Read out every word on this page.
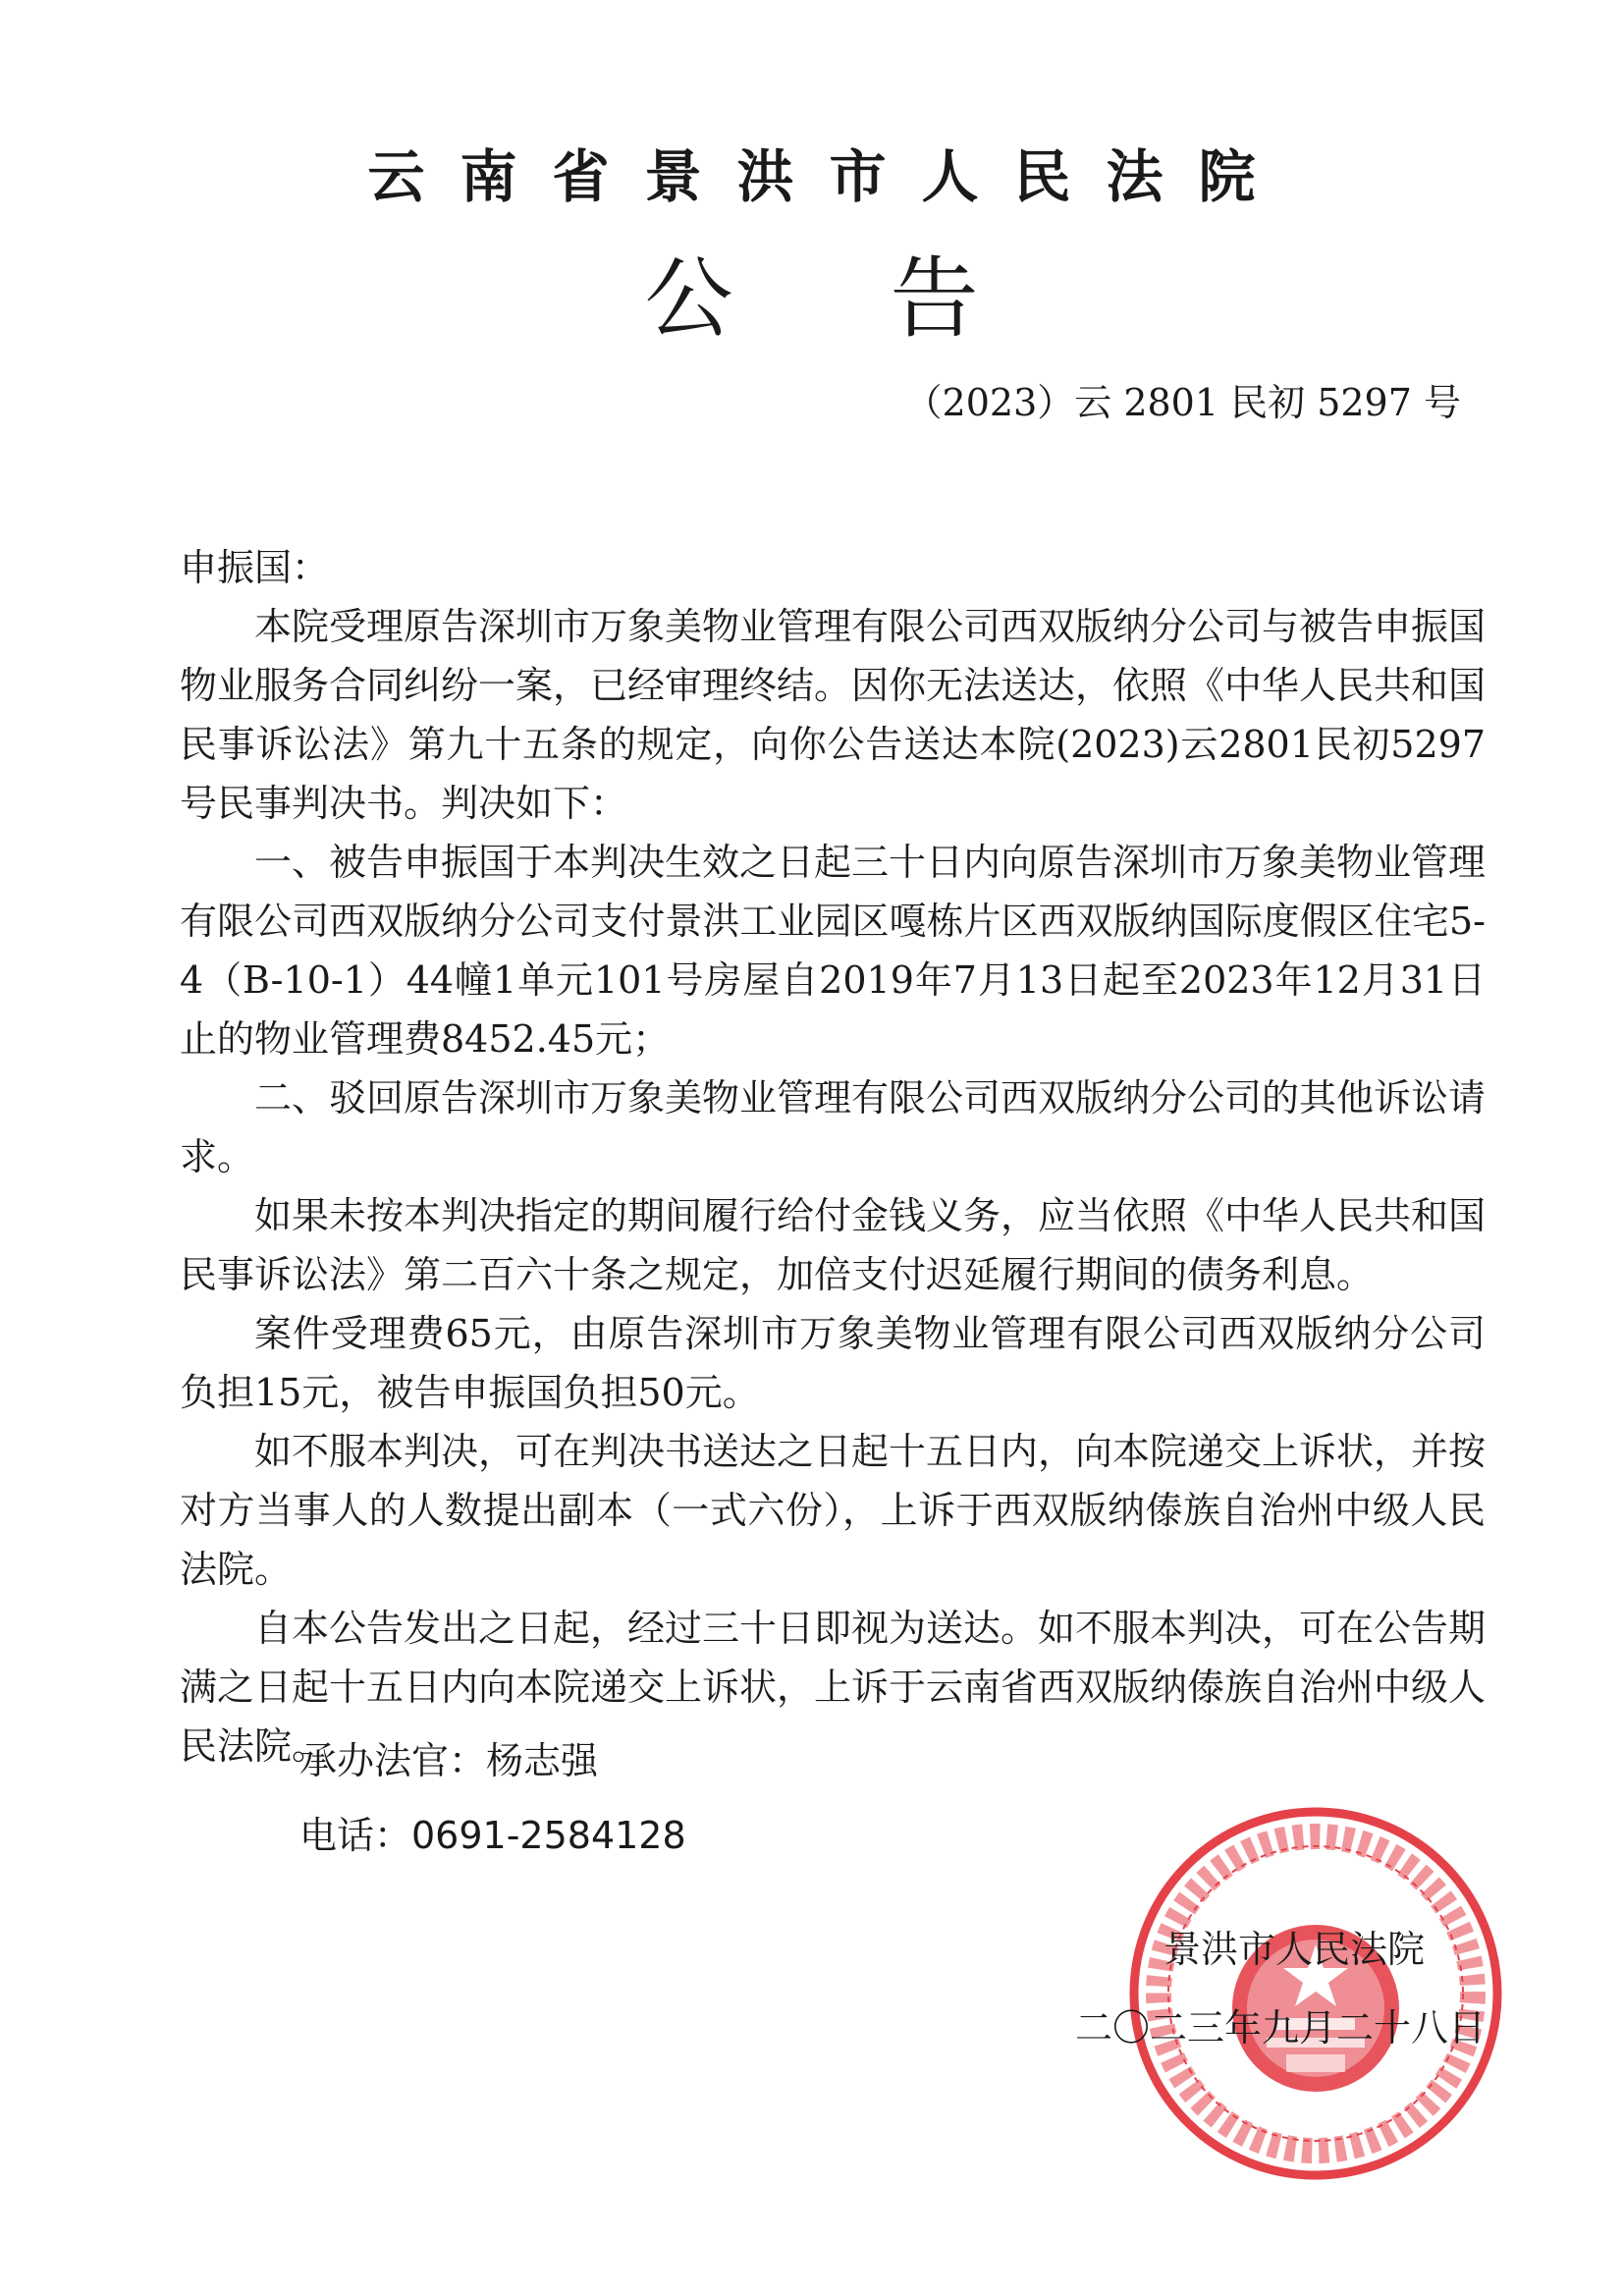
云南省景洪市人民法院
公告
（2023）云 2801 民初 5297 号

申振国：

本院受理原告深圳市万象美物业管理有限公司西双版纳分公司与被告申振国物业服务合同纠纷一案，已经审理终结。因你无法送达，依照《中华人民共和国民事诉讼法》第九十五条的规定，向你公告送达本院(2023)云2801民初5297号民事判决书。判决如下：

一、被告申振国于本判决生效之日起三十日内向原告深圳市万象美物业管理有限公司西双版纳分公司支付景洪工业园区嘎栋片区西双版纳国际度假区住宅5-4（B-10-1）44幢1单元101号房屋自2019年7月13日起至2023年12月31日止的物业管理费8452.45元；

二、驳回原告深圳市万象美物业管理有限公司西双版纳分公司的其他诉讼请求。

如果未按本判决指定的期间履行给付金钱义务，应当依照《中华人民共和国民事诉讼法》第二百六十条之规定，加倍支付迟延履行期间的债务利息。

案件受理费65元，由原告深圳市万象美物业管理有限公司西双版纳分公司负担15元，被告申振国负担50元。

如不服本判决，可在判决书送达之日起十五日内，向本院递交上诉状，并按对方当事人的人数提出副本（一式六份），上诉于西双版纳傣族自治州中级人民法院。

自本公告发出之日起，经过三十日即视为送达。如不服本判决，可在公告期满之日起十五日内向本院递交上诉状，上诉于云南省西双版纳傣族自治州中级人民法院。

承办法官：杨志强
电话：0691-2584128
景洪市人民法院
二〇二三年九月二十八日
